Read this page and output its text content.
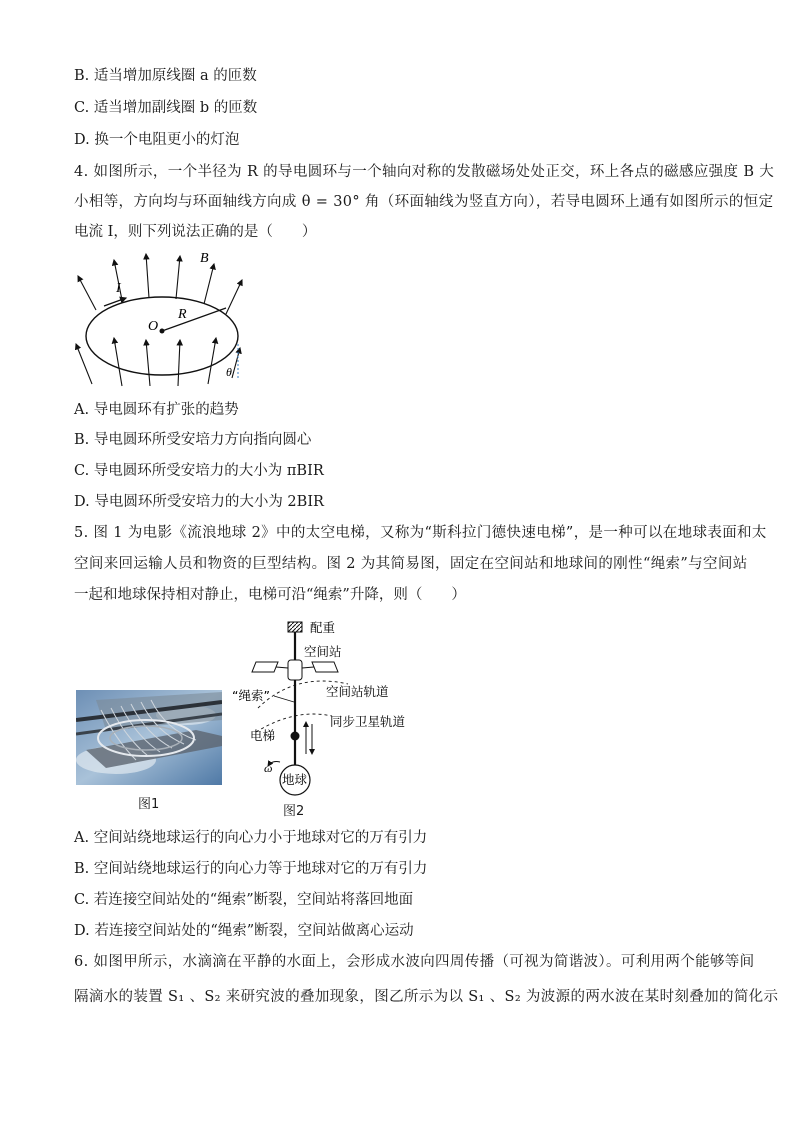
B. 适当增加原线圈 a 的匝数
C. 适当增加副线圈 b 的匝数
D. 换一个电阻更小的灯泡
4. 如图所示，一个半径为 R 的导电圆环与一个轴向对称的发散磁场处处正交，环上各点的磁感应强度 B 大
小相等，方向均与环面轴线方向成 θ = 30° 角（环面轴线为竖直方向），若导电圆环上通有如图所示的恒定
电流 I，则下列说法正确的是（　　）
B
I
O
R
θ
A. 导电圆环有扩张的趋势
B. 导电圆环所受安培力方向指向圆心
C. 导电圆环所受安培力的大小为 πBIR
D. 导电圆环所受安培力的大小为 2BIR
5. 图 1 为电影《流浪地球 2》中的太空电梯，又称为“斯科拉门德快速电梯”，是一种可以在地球表面和太
空间来回运输人员和物资的巨型结构。图 2 为其简易图，固定在空间站和地球间的刚性“绳索”与空间站
一起和地球保持相对静止，电梯可沿“绳索”升降，则（　　）
图1
配重
空间站
空间站轨道
“绳索”
同步卫星轨道
电梯
地球
ω
图2
A. 空间站绕地球运行的向心力小于地球对它的万有引力
B. 空间站绕地球运行的向心力等于地球对它的万有引力
C. 若连接空间站处的“绳索”断裂，空间站将落回地面
D. 若连接空间站处的“绳索”断裂，空间站做离心运动
6. 如图甲所示，水滴滴在平静的水面上，会形成水波向四周传播（可视为简谐波）。可利用两个能够等间
隔滴水的装置 S₁ 、S₂ 来研究波的叠加现象，图乙所示为以 S₁ 、S₂ 为波源的两水波在某时刻叠加的简化示
